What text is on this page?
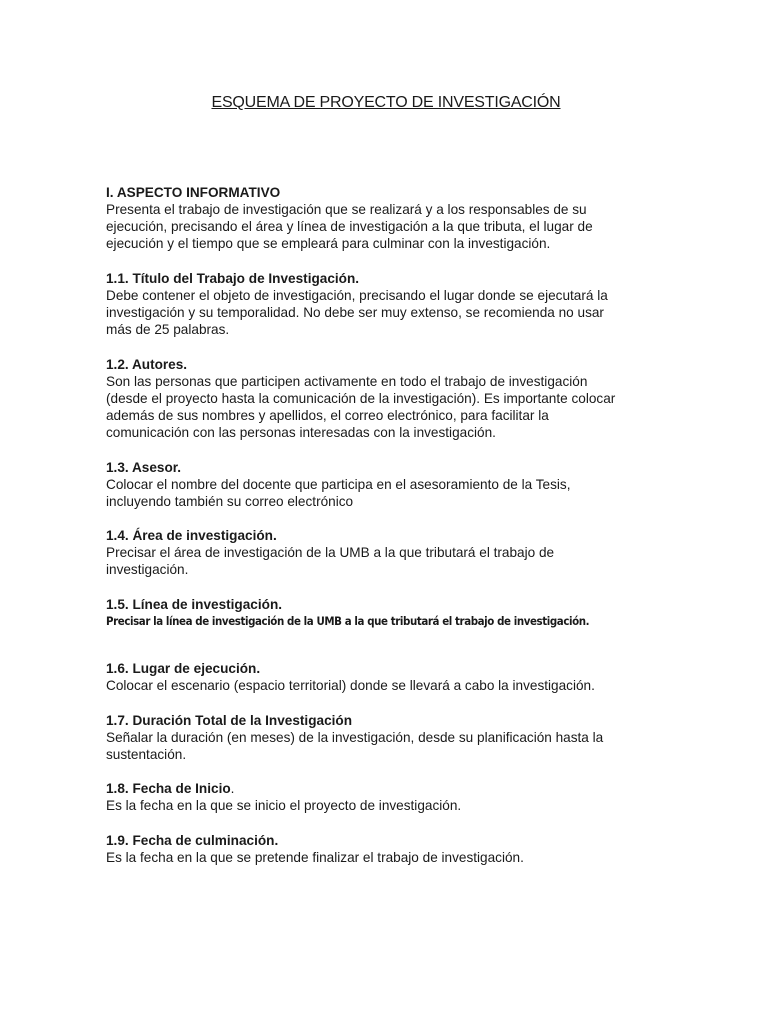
ESQUEMA DE PROYECTO DE INVESTIGACIÓN
I. ASPECTO INFORMATIVO
Presenta el trabajo de investigación que se realizará y a los responsables de su
ejecución, precisando el área y línea de investigación a la que tributa, el lugar de
ejecución y el tiempo que se empleará para culminar con la investigación.
1.1. Título del Trabajo de Investigación.
Debe contener el objeto de investigación, precisando el lugar donde se ejecutará la
investigación y su temporalidad. No debe ser muy extenso, se recomienda no usar
más de 25 palabras.
1.2. Autores.
Son las personas que participen activamente en todo el trabajo de investigación
(desde el proyecto hasta la comunicación de la investigación). Es importante colocar
además de sus nombres y apellidos, el correo electrónico, para facilitar la
comunicación con las personas interesadas con la investigación.
1.3. Asesor.
Colocar el nombre del docente que participa en el asesoramiento de la Tesis,
incluyendo también su correo electrónico
1.4. Área de investigación.
Precisar el área de investigación de la UMB a la que tributará el trabajo de
investigación.
1.5. Línea de investigación.
Precisar la línea de investigación de la UMB a la que tributará el trabajo de investigación.
1.6. Lugar de ejecución.
Colocar el escenario (espacio territorial) donde se llevará a cabo la investigación.
1.7. Duración Total de la Investigación
Señalar la duración (en meses) de la investigación, desde su planificación hasta la
sustentación.
1.8. Fecha de Inicio.
Es la fecha en la que se inicio el proyecto de investigación.
1.9. Fecha de culminación.
Es la fecha en la que se pretende finalizar el trabajo de investigación.
